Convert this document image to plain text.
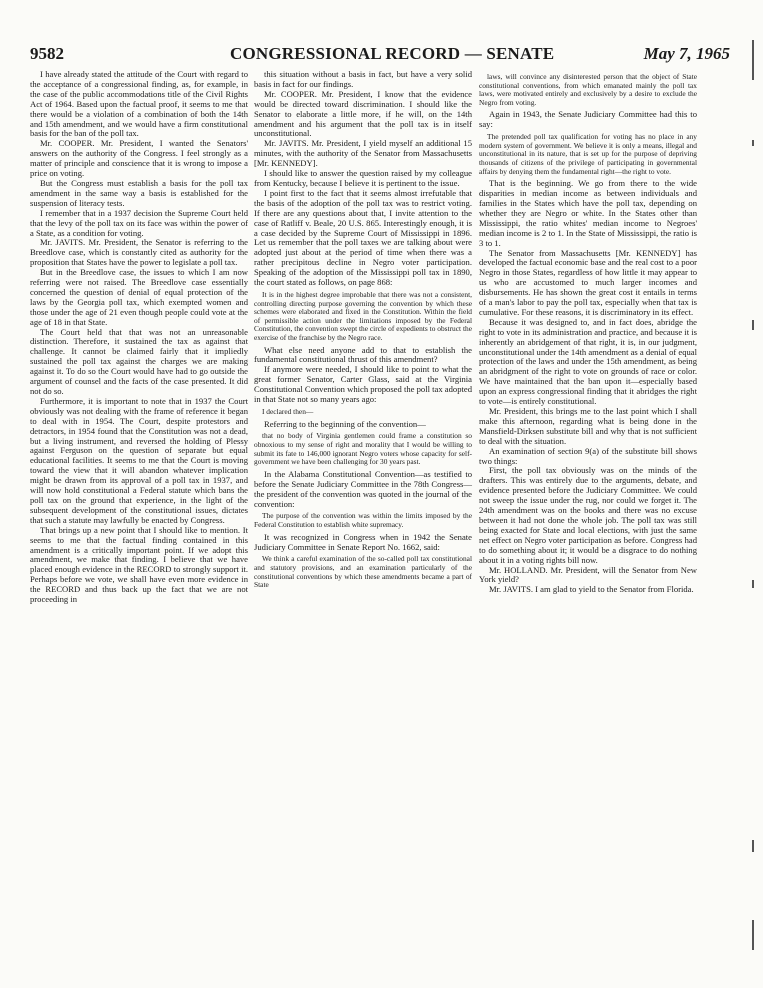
9582	CONGRESSIONAL RECORD — SENATE	May 7, 1965

I have already stated the attitude of the Court with regard to the acceptance of a congressional finding, as, for example, in the case of the public accommodations title of the Civil Rights Act of 1964. Based upon the factual proof, it seems to me that there would be a violation of a combination of both the 14th and 15th amendment, and we would have a firm constitutional basis for the ban of the poll tax.

Mr. COOPER. Mr. President, I wanted the Senators' answers on the authority of the Congress. I feel strongly as a matter of principle and conscience that it is wrong to impose a price on voting.

But the Congress must establish a basis for the poll tax amendment in the same way a basis is established for the suspension of literacy tests.

I remember that in a 1937 decision the Supreme Court held that the levy of the poll tax on its face was within the power of a State, as a condition for voting.

Mr. JAVITS. Mr. President, the Senator is referring to the Breedlove case, which is constantly cited as authority for the proposition that States have the power to legislate a poll tax.

But in the Breedlove case, the issues to which I am now referring were not raised. The Breedlove case essentially concerned the question of denial of equal protection of the laws by the Georgia poll tax, which exempted women and those under the age of 21 even though people could vote at the age of 18 in that State.

The Court held that that was not an unreasonable distinction. Therefore, it sustained the tax as against that challenge. It cannot be claimed fairly that it impliedly sustained the poll tax against the charges we are making against it. To do so the Court would have had to go outside the argument of counsel and the facts of the case presented. It did not do so.

Furthermore, it is important to note that in 1937 the Court obviously was not dealing with the frame of reference it began to deal with in 1954. The Court, despite protestors and detractors, in 1954 found that the Constitution was not a dead, but a living instrument, and reversed the holding of Plessy against Ferguson on the question of separate but equal educational facilities. It seems to me that the Court is moving toward the view that it will abandon whatever implication might be drawn from its approval of a poll tax in 1937, and will now hold constitutional a Federal statute which bans the poll tax on the ground that experience, in the light of the subsequent development of the constitutional issues, dictates that such a statute may lawfully be enacted by Congress.

That brings up a new point that I should like to mention. It seems to me that the factual finding contained in this amendment is a critically important point. If we adopt this amendment, we make that finding. I believe that we have placed enough evidence in the RECORD to strongly support it. Perhaps before we vote, we shall have even more evidence in the RECORD and thus back up the fact that we are not proceeding in

this situation without a basis in fact, but have a very solid basis in fact for our findings.

Mr. COOPER. Mr. President, I know that the evidence would be directed toward discrimination. I should like the Senator to elaborate a little more, if he will, on the 14th amendment and his argument that the poll tax is in itself unconstitutional.

Mr. JAVITS. Mr. President, I yield myself an additional 15 minutes, with the authority of the Senator from Massachusetts [Mr. KENNEDY].

I should like to answer the question raised by my colleague from Kentucky, because I believe it is pertinent to the issue.

I point first to the fact that it seems almost irrefutable that the basis of the adoption of the poll tax was to restrict voting. If there are any questions about that, I invite attention to the case of Ratliff v. Beale, 20 U.S. 865. Interestingly enough, it is a case decided by the Supreme Court of Mississippi in 1896. Let us remember that the poll taxes we are talking about were adopted just about at the period of time when there was a rather precipitous decline in Negro voter participation. Speaking of the adoption of the Mississippi poll tax in 1890, the court stated as follows, on page 868:

It is in the highest degree improbable that there was not a consistent, controlling directing purpose governing the convention by which these schemes were elaborated and fixed in the Constitution. Within the field of permissible action under the limitations imposed by the Federal Constitution, the convention swept the circle of expedients to obstruct the exercise of the franchise by the Negro race.

What else need anyone add to that to establish the fundamental constitutional thrust of this amendment?

If anymore were needed, I should like to point to what the great former Senator, Carter Glass, said at the Virginia Constitutional Convention which proposed the poll tax adopted in that State not so many years ago:

I declared then—

Referring to the beginning of the convention—

that no body of Virginia gentlemen could frame a constitution so obnoxious to my sense of right and morality that I would be willing to submit its fate to 146,000 ignorant Negro voters whose capacity for self-government we have been challenging for 30 years past.

In the Alabama Constitutional Convention—as testified to before the Senate Judiciary Committee in the 78th Congress—the president of the convention was quoted in the journal of the convention:

The purpose of the convention was within the limits imposed by the Federal Constitution to establish white supremacy.

It was recognized in Congress when in 1942 the Senate Judiciary Committee in Senate Report No. 1662, said:

We think a careful examination of the so-called poll tax constitutional and statutory provisions, and an examination particularly of the constitutional conventions by which these amendments became a part of State

laws, will convince any disinterested person that the object of State constitutional conventions, from which emanated mainly the poll tax laws, were motivated entirely and exclusively by a desire to exclude the Negro from voting.

Again in 1943, the Senate Judiciary Committee had this to say:

The pretended poll tax qualification for voting has no place in any modern system of government. We believe it is only a means, illegal and unconstitutional in its nature, that is set up for the purpose of depriving thousands of citizens of the privilege of participating in governmental affairs by denying them the fundamental right—the right to vote.

That is the beginning. We go from there to the wide disparities in median income as between individuals and families in the States which have the poll tax, depending on whether they are Negro or white. In the States other than Mississippi, the ratio whites' median income to Negroes' median income is 2 to 1. In the State of Mississippi, the ratio is 3 to 1.

The Senator from Massachusetts [Mr. KENNEDY] has developed the factual economic base and the real cost to a poor Negro in those States, regardless of how little it may appear to us who are accustomed to much larger incomes and disbursements. He has shown the great cost it entails in terms of a man's labor to pay the poll tax, especially when that tax is cumulative. For these reasons, it is discriminatory in its effect.

Because it was designed to, and in fact does, abridge the right to vote in its administration and practice, and because it is inherently an abridgement of that right, it is, in our judgment, unconstitutional under the 14th amendment as a denial of equal protection of the laws and under the 15th amendment, as being an abridgment of the right to vote on grounds of race or color. We have maintained that the ban upon it—especially based upon an express congressional finding that it abridges the right to vote—is entirely constitutional.

Mr. President, this brings me to the last point which I shall make this afternoon, regarding what is being done in the Mansfield-Dirksen substitute bill and why that is not sufficient to deal with the situation.

An examination of section 9(a) of the substitute bill shows two things:

First, the poll tax obviously was on the minds of the drafters. This was entirely due to the arguments, debate, and evidence presented before the Judiciary Committee. We could not sweep the issue under the rug, nor could we forget it. The 24th amendment was on the books and there was no excuse between it had not done the whole job. The poll tax was still being exacted for State and local elections, with just the same net effect on Negro voter participation as before. Congress had to do something about it; it would be a disgrace to do nothing about it in a voting rights bill now.

Mr. HOLLAND. Mr. President, will the Senator from New York yield?

Mr. JAVITS. I am glad to yield to the Senator from Florida.
